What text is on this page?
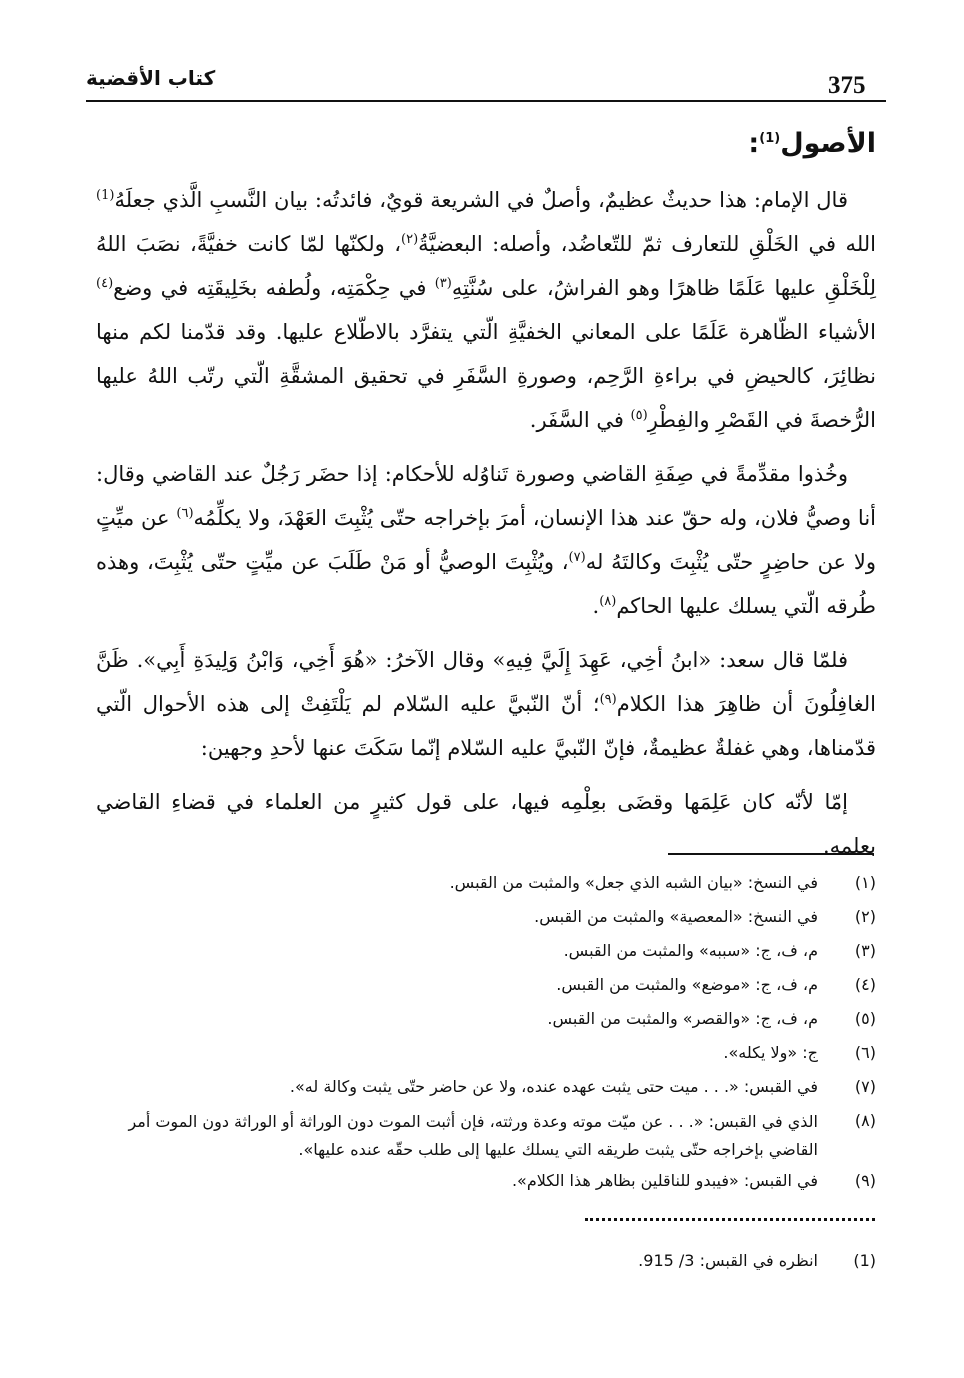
375
كتاب الأقضية
الأصول$^{(1)}$:
قال الإمام: هذا حديثٌ عظيمٌ، وأصلٌ في الشريعة قويٌ، فائدتُه: بيان النَّسبِ الَّذي جعلَهُ$^{(1)}$ الله في الخَلْقِ للتعارف ثمّ للتّعاضُد، وأصله: البعضيَّةُ$^{(٢)}$، ولكنّها لمّا كانت خفيَّةً، نصَبَ اللهُ لِلْخَلْقِ عليها عَلَمًا ظاهرًا وهو الفراشُ، على سُنَّتِهِ$^{(٣)}$ في حِكْمَتِه، ولُطفه بخَلِيقَتِه في وضع$^{(٤)}$ الأشياء الظّاهرة عَلَمًا على المعاني الخفيَّةِ الّتي يتفرَّد بالاطّلاع عليها. وقد قدّمنا لكم منها نظائِرَ، كالحيضِ في براءةِ الرَّحِم، وصورةِ السَّفَرِ في تحقيق المشقَّةِ الّتي رتّب اللهُ عليها الرُّخصةَ في القَصْرِ والفِطْرِ$^{(٥)}$ في السَّفَر.
وخُذوا مقدِّمةً في صِفَةِ القاضي وصورة تَناوُله للأحكام: إذا حضَر رَجُلٌ عند القاضي وقال: أنا وصيُّ فلان، وله حقّ عند هذا الإنسان، أمرَ بإخراجه حتّى يُثْبِتَ العَهْدَ، ولا يكلِّمُه$^{(٦)}$ عن ميِّتٍ ولا عن حاضِرٍ حتّى يُثْبِتَ وكالتَهُ له$^{(٧)}$، ويُثْبِتَ الوصيُّ أو مَنْ طَلَبَ عن ميِّتٍ حتّى يُثْبِتَ، وهذه طُرقه الّتي يسلك عليها الحاكم$^{(٨)}$.
فلمّا قال سعد: «ابنُ أخِي، عَهِدَ إِلَيَّ فِيهِ» وقال الآخرُ: «هُوَ أَخِي، وَابْنُ وَلِيدَةِ أَبِي». ظَنَّ الغافِلُونَ أن ظاهِرَ هذا الكلام$^{(٩)}$؛ أنّ النّبيَّ عليه السّلام لم يَلْتَفِتْ إلى هذه الأحوال الّتي قدّمناها، وهي غفلةٌ عظيمةٌ، فإنّ النّبيَّ عليه السّلام إنّما سَكَتَ عنها لأحدِ وجهين:
إمّا لأنّه كان عَلِمَها وقضَى بعِلْمِه فيها، على قول كثيرٍ من العلماء في قضاءِ القاضي بعلمه.
(١)
في النسخ: «بيان الشبه الذي جعل» والمثبت من القبس.
(٢)
في النسخ: «المعصية» والمثبت من القبس.
(٣)
م، ف، ج: «سببه» والمثبت من القبس.
(٤)
م، ف، ج: «موضع» والمثبت من القبس.
(٥)
م، ف، ج: «والقصر» والمثبت من القبس.
(٦)
ج: «ولا يكله».
(٧)
في القبس: «. . . ميت حتى يثبت عهده عنده، ولا عن حاضر حتّى يثبت وكالة له».
(٨)
الذي في القبس: «. . . عن ميّت موته وعدة ورثته، فإن أثبت الموت دون الوراثة أو الوراثة دون الموت أمر القاضي بإخراجه حتّى يثبت طريقه التي يسلك عليها إلى طلب حقّه عنده عليها».
(٩)
في القبس: «فيبدو للناقلين بظاهر هذا الكلام».
(1)
انظره في القبس: 3/ 915.
